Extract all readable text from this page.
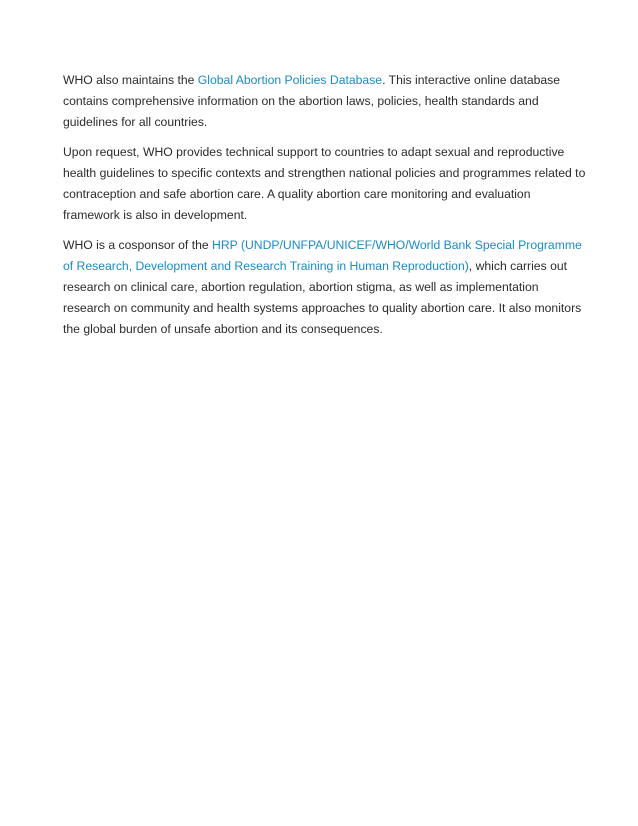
WHO also maintains the Global Abortion Policies Database. This interactive online database contains comprehensive information on the abortion laws, policies, health standards and guidelines for all countries.

Upon request, WHO provides technical support to countries to adapt sexual and reproductive health guidelines to specific contexts and strengthen national policies and programmes related to contraception and safe abortion care. A quality abortion care monitoring and evaluation framework is also in development.

WHO is a cosponsor of the HRP (UNDP/UNFPA/UNICEF/WHO/World Bank Special Programme of Research, Development and Research Training in Human Reproduction), which carries out research on clinical care, abortion regulation, abortion stigma, as well as implementation research on community and health systems approaches to quality abortion care. It also monitors the global burden of unsafe abortion and its consequences.
